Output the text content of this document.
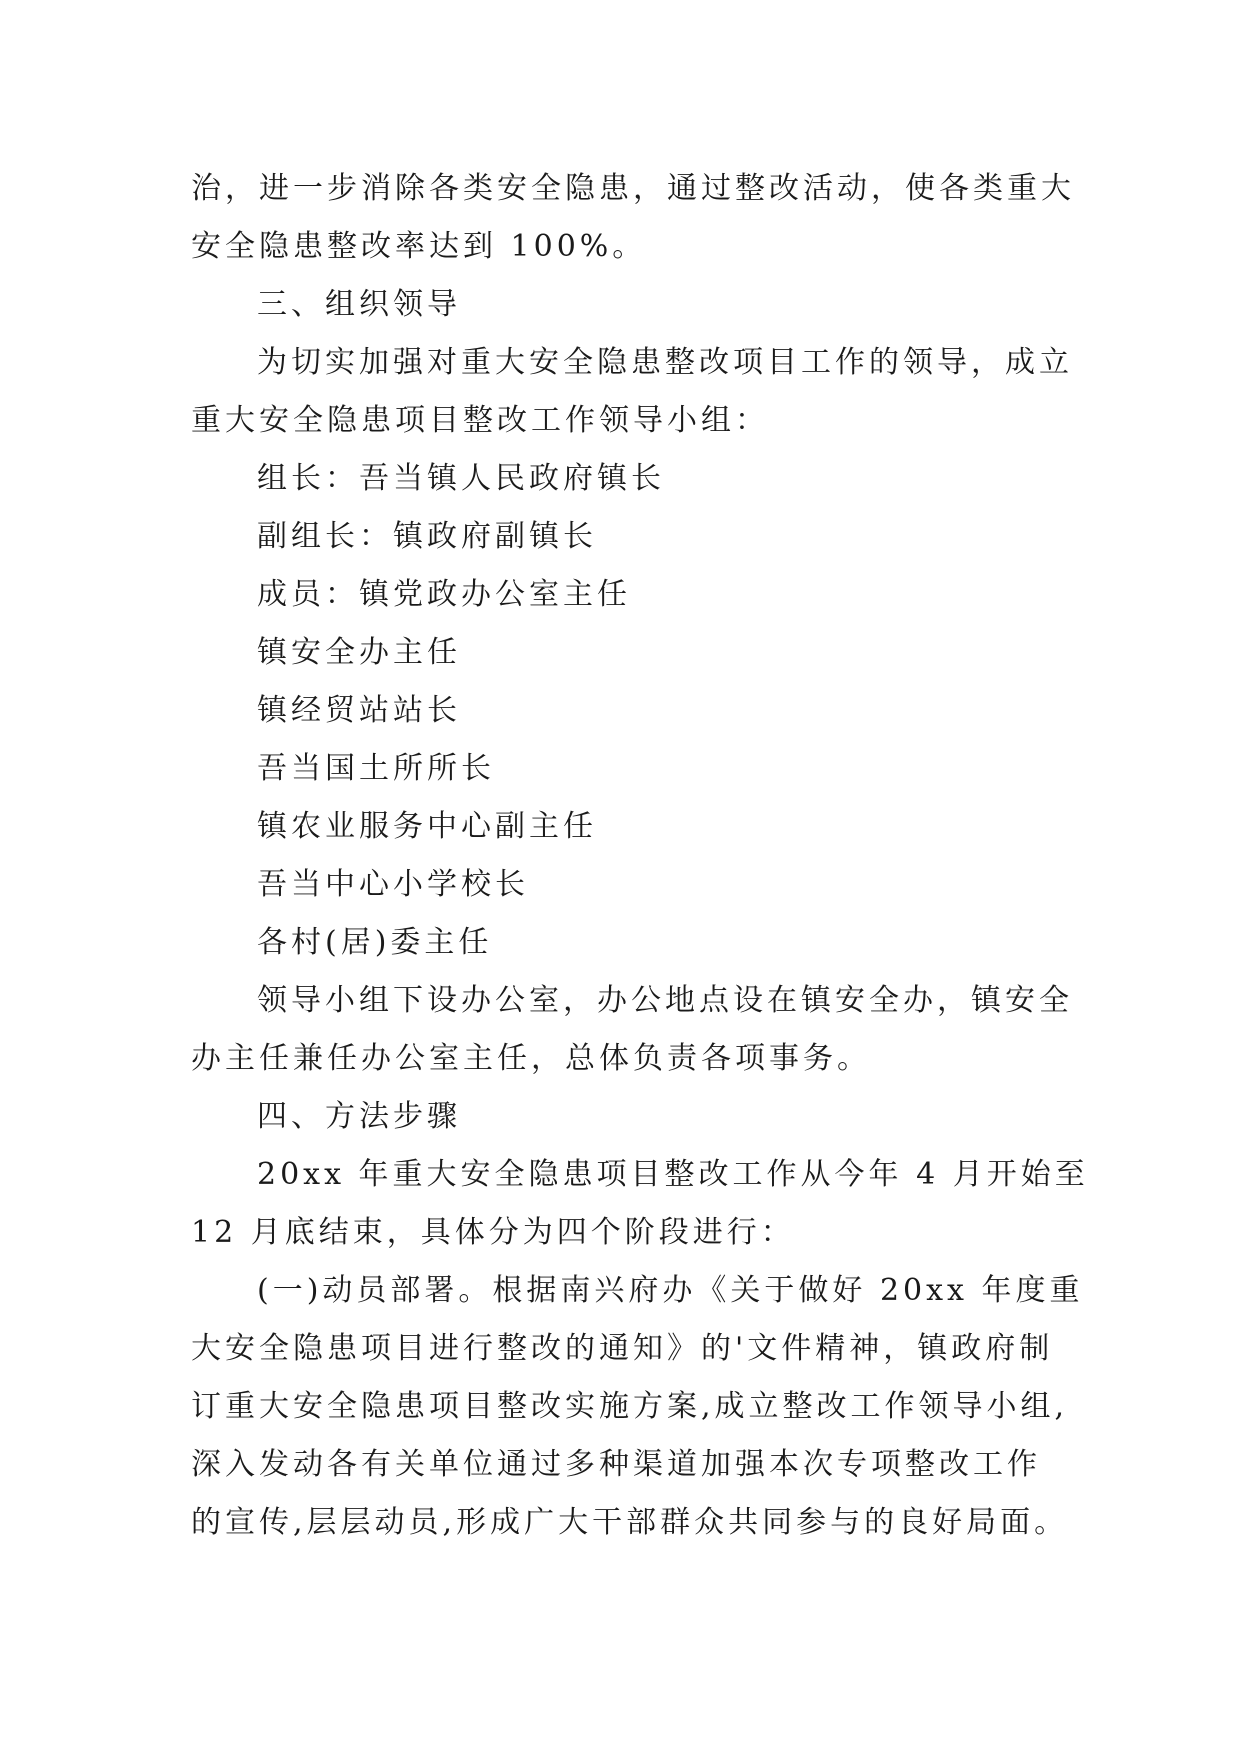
治，进一步消除各类安全隐患，通过整改活动，使各类重大
安全隐患整改率达到 100%。
三、组织领导
为切实加强对重大安全隐患整改项目工作的领导，成立
重大安全隐患项目整改工作领导小组：
组长：吾当镇人民政府镇长
副组长：镇政府副镇长
成员：镇党政办公室主任
镇安全办主任
镇经贸站站长
吾当国土所所长
镇农业服务中心副主任
吾当中心小学校长
各村(居)委主任
领导小组下设办公室，办公地点设在镇安全办，镇安全
办主任兼任办公室主任，总体负责各项事务。
四、方法步骤
20xx 年重大安全隐患项目整改工作从今年 4 月开始至
12 月底结束，具体分为四个阶段进行：
(一)动员部署。根据南兴府办《关于做好 20xx 年度重
大安全隐患项目进行整改的通知》的'文件精神，镇政府制
订重大安全隐患项目整改实施方案,成立整改工作领导小组,
深入发动各有关单位通过多种渠道加强本次专项整改工作
的宣传,层层动员,形成广大干部群众共同参与的良好局面。
